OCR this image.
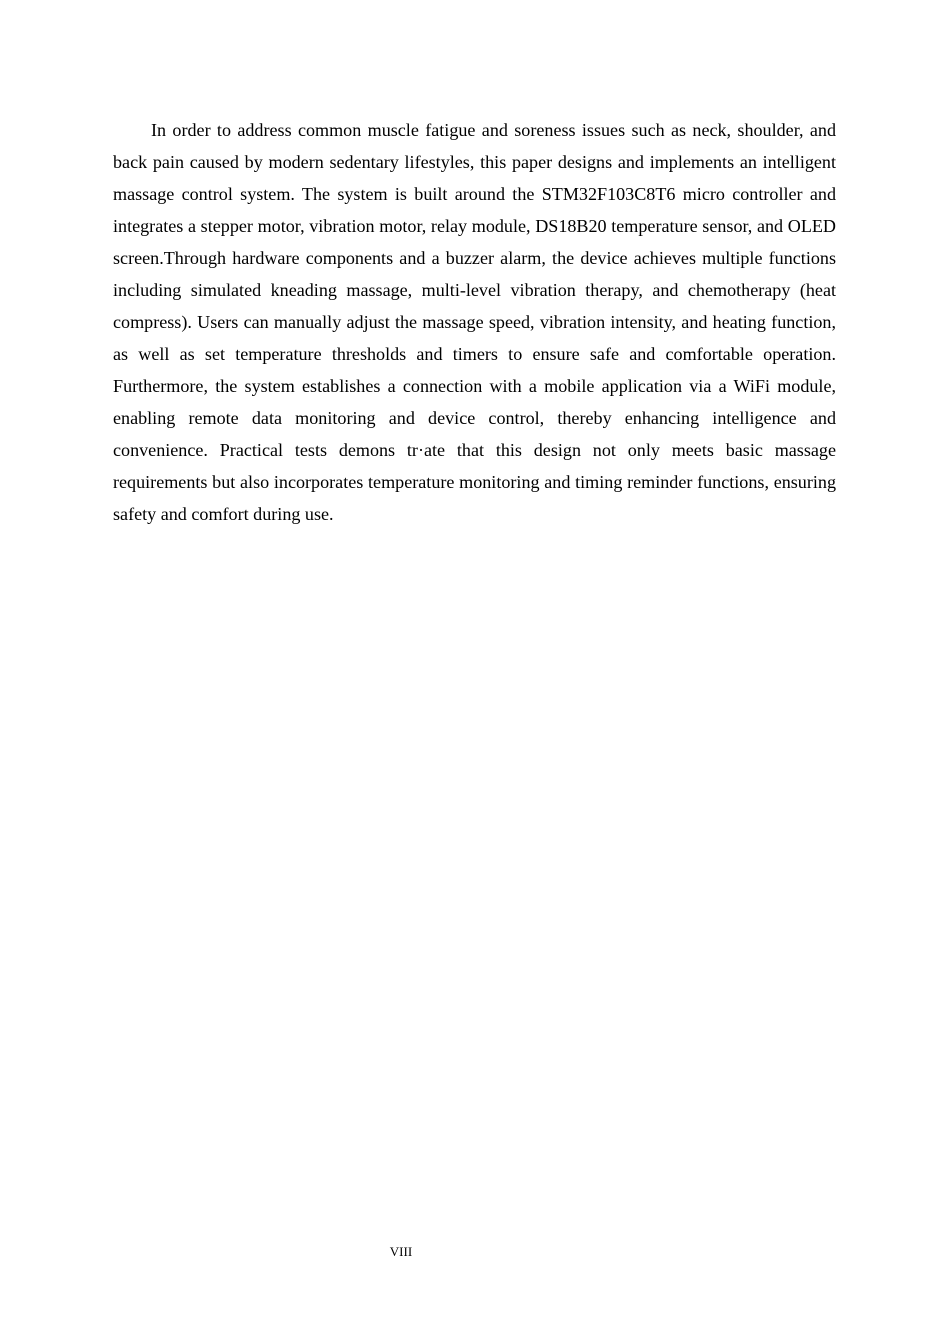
In order to address common muscle fatigue and soreness issues such as neck, shoulder, and back pain caused by modern sedentary lifestyles, this paper designs and implements an intelligent massage control system. The system is built around the STM32F103C8T6 micro controller and integrates a stepper motor, vibration motor, relay module, DS18B20 temperature sensor, and OLED screen.Through hardware components and a buzzer alarm, the device achieves multiple functions including simulated kneading massage, multi-level vibration therapy, and chemotherapy (heat compress). Users can manually adjust the massage speed, vibration intensity, and heating function, as well as set temperature thresholds and timers to ensure safe and comfortable operation. Furthermore, the system establishes a connection with a mobile application via a WiFi module, enabling remote data monitoring and device control, thereby enhancing intelligence and convenience. Practical tests demons tr·ate that this design not only meets basic massage requirements but also incorporates temperature monitoring and timing reminder functions, ensuring safety and comfort during use.

VIII
